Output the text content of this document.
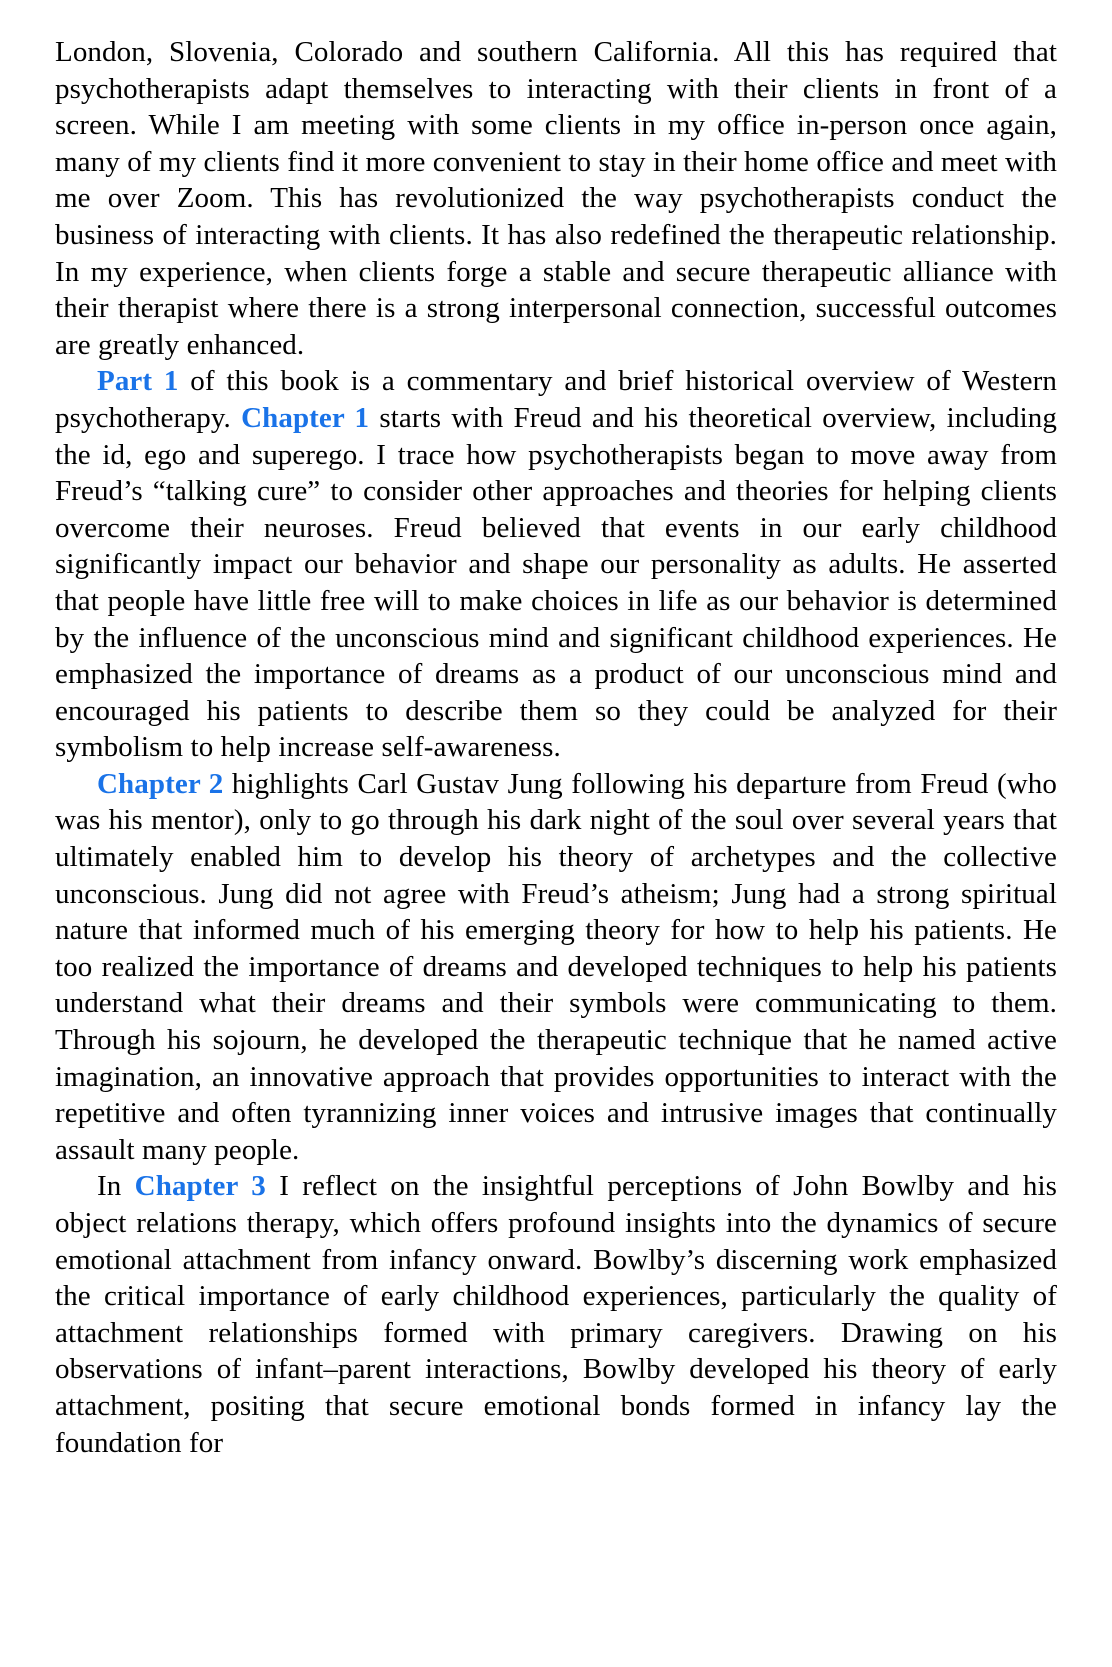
London, Slovenia, Colorado and southern California. All this has required that psychotherapists adapt themselves to interacting with their clients in front of a screen. While I am meeting with some clients in my office in-person once again, many of my clients find it more convenient to stay in their home office and meet with me over Zoom. This has revolutionized the way psychotherapists conduct the business of interacting with clients. It has also redefined the therapeutic relationship. In my experience, when clients forge a stable and secure therapeutic alliance with their therapist where there is a strong interpersonal connection, successful outcomes are greatly enhanced.

Part 1 of this book is a commentary and brief historical overview of Western psychotherapy. Chapter 1 starts with Freud and his theoretical overview, including the id, ego and superego. I trace how psychotherapists began to move away from Freud’s “talking cure” to consider other approaches and theories for helping clients overcome their neuroses. Freud believed that events in our early childhood significantly impact our behavior and shape our personality as adults. He asserted that people have little free will to make choices in life as our behavior is determined by the influence of the unconscious mind and significant childhood experiences. He emphasized the importance of dreams as a product of our unconscious mind and encouraged his patients to describe them so they could be analyzed for their symbolism to help increase self-awareness.

Chapter 2 highlights Carl Gustav Jung following his departure from Freud (who was his mentor), only to go through his dark night of the soul over several years that ultimately enabled him to develop his theory of archetypes and the collective unconscious. Jung did not agree with Freud’s atheism; Jung had a strong spiritual nature that informed much of his emerging theory for how to help his patients. He too realized the importance of dreams and developed techniques to help his patients understand what their dreams and their symbols were communicating to them. Through his sojourn, he developed the therapeutic technique that he named active imagination, an innovative approach that provides opportunities to interact with the repetitive and often tyrannizing inner voices and intrusive images that continually assault many people.

In Chapter 3 I reflect on the insightful perceptions of John Bowlby and his object relations therapy, which offers profound insights into the dynamics of secure emotional attachment from infancy onward. Bowlby’s discerning work emphasized the critical importance of early childhood experiences, particularly the quality of attachment relationships formed with primary caregivers. Drawing on his observations of infant–parent interactions, Bowlby developed his theory of early attachment, positing that secure emotional bonds formed in infancy lay the foundation for
